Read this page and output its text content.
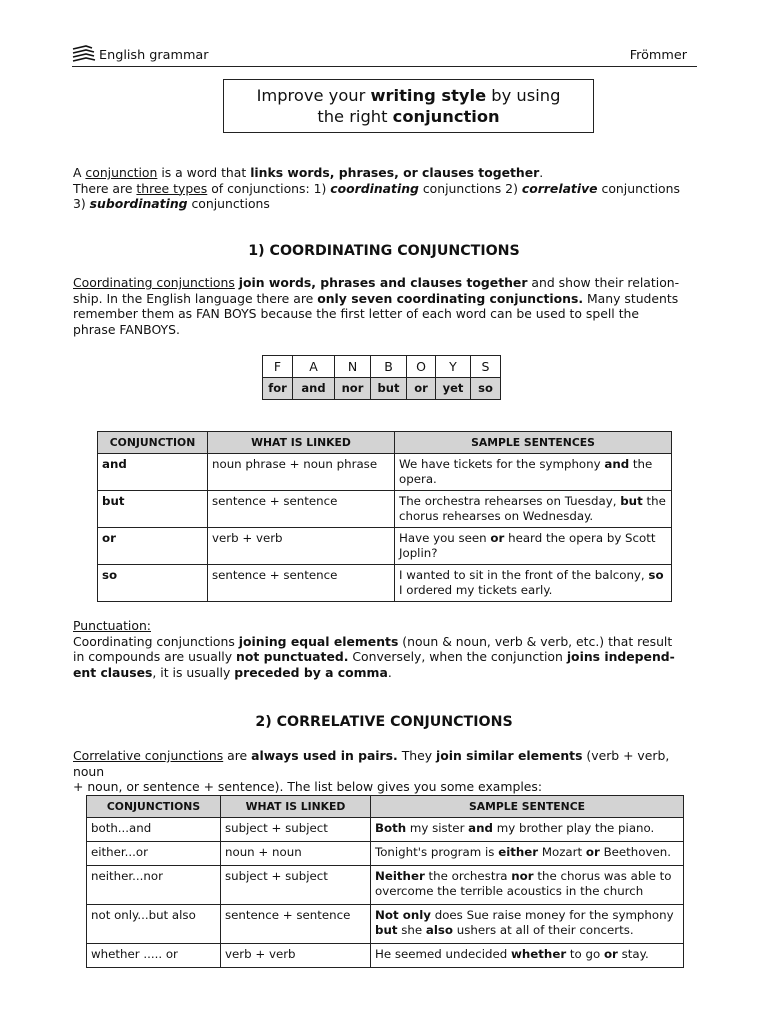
English grammar	Frömmer
Improve your writing style by using
the right conjunction
A conjunction is a word that links words, phrases, or clauses together.
There are three types of conjunctions: 1) coordinating conjunctions 2) correlative conjunctions
3) subordinating conjunctions
1) COORDINATING CONJUNCTIONS
Coordinating conjunctions join words, phrases and clauses together and show their relation-
ship. In the English language there are only seven coordinating conjunctions. Many students
remember them as FAN BOYS because the first letter of each word can be used to spell the
phrase FANBOYS.
F	A	N	B	O	Y	S
for	and	nor	but	or	yet	so
CONJUNCTION	WHAT IS LINKED	SAMPLE SENTENCES
and	noun phrase + noun phrase	We have tickets for the symphony and the opera.
but	sentence + sentence	The orchestra rehearses on Tuesday, but the chorus rehearses on Wednesday.
or	verb + verb	Have you seen or heard the opera by Scott Joplin?
so	sentence + sentence	I wanted to sit in the front of the balcony, so I ordered my tickets early.
Punctuation:
Coordinating conjunctions joining equal elements (noun & noun, verb & verb, etc.) that result
in compounds are usually not punctuated. Conversely, when the conjunction joins independ-
ent clauses, it is usually preceded by a comma.
2) CORRELATIVE CONJUNCTIONS
Correlative conjunctions are always used in pairs. They join similar elements (verb + verb, noun
+ noun, or sentence + sentence). The list below gives you some examples:
CONJUNCTIONS	WHAT IS LINKED	SAMPLE SENTENCE
both...and	subject + subject	Both my sister and my brother play the piano.
either...or	noun + noun	Tonight's program is either Mozart or Beethoven.
neither...nor	subject + subject	Neither the orchestra nor the chorus was able to overcome the terrible acoustics in the church
not only...but also	sentence + sentence	Not only does Sue raise money for the symphony but she also ushers at all of their concerts.
whether ..... or	verb + verb	He seemed undecided whether to go or stay.
